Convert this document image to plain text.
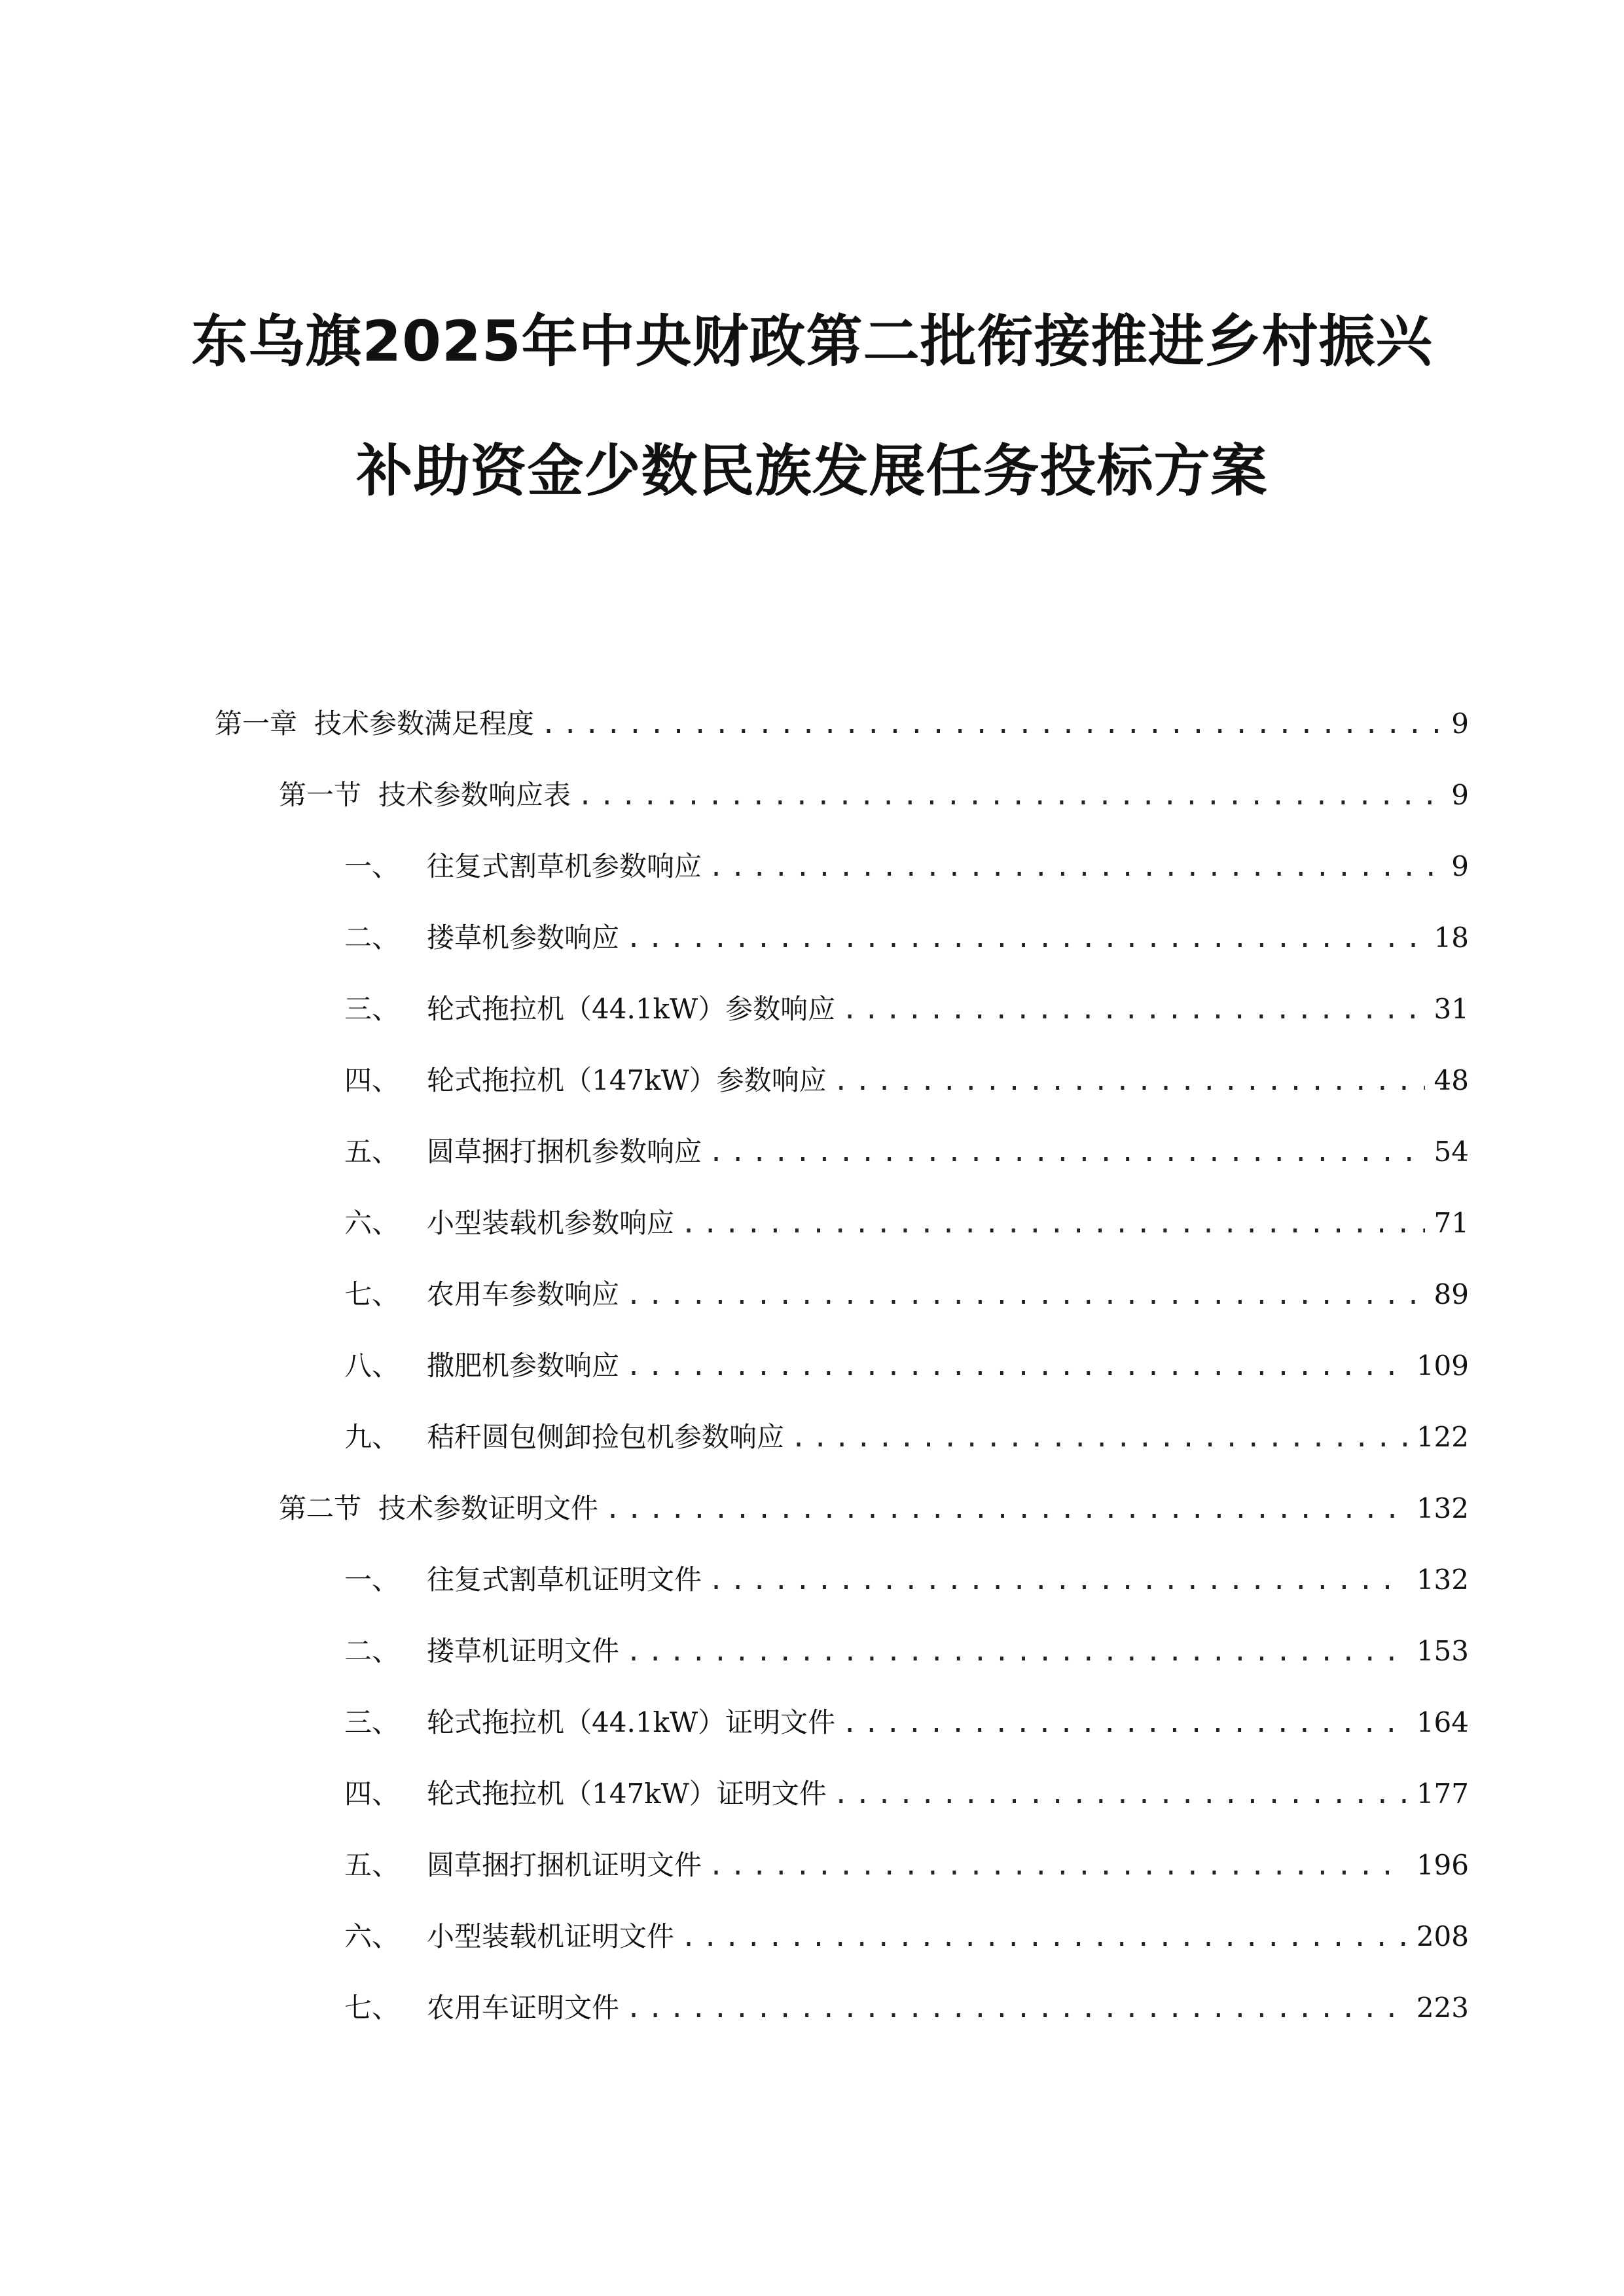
东乌旗2025年中央财政第二批衔接推进乡村振兴
补助资金少数民族发展任务投标方案
第一章 技术参数满足程度 .....	9
第一节 技术参数响应表 .....	9
一、 往复式割草机参数响应 .....	9
二、 搂草机参数响应 .....	18
三、 轮式拖拉机（44.1kW）参数响应 .....	31
四、 轮式拖拉机（147kW）参数响应 .....	48
五、 圆草捆打捆机参数响应 .....	54
六、 小型装载机参数响应 .....	71
七、 农用车参数响应 .....	89
八、 撒肥机参数响应 .....	109
九、 秸秆圆包侧卸捡包机参数响应 .....	122
第二节 技术参数证明文件 .....	132
一、 往复式割草机证明文件 .....	132
二、 搂草机证明文件 .....	153
三、 轮式拖拉机（44.1kW）证明文件 .....	164
四、 轮式拖拉机（147kW）证明文件 .....	177
五、 圆草捆打捆机证明文件 .....	196
六、 小型装载机证明文件 .....	208
七、 农用车证明文件 .....	223
